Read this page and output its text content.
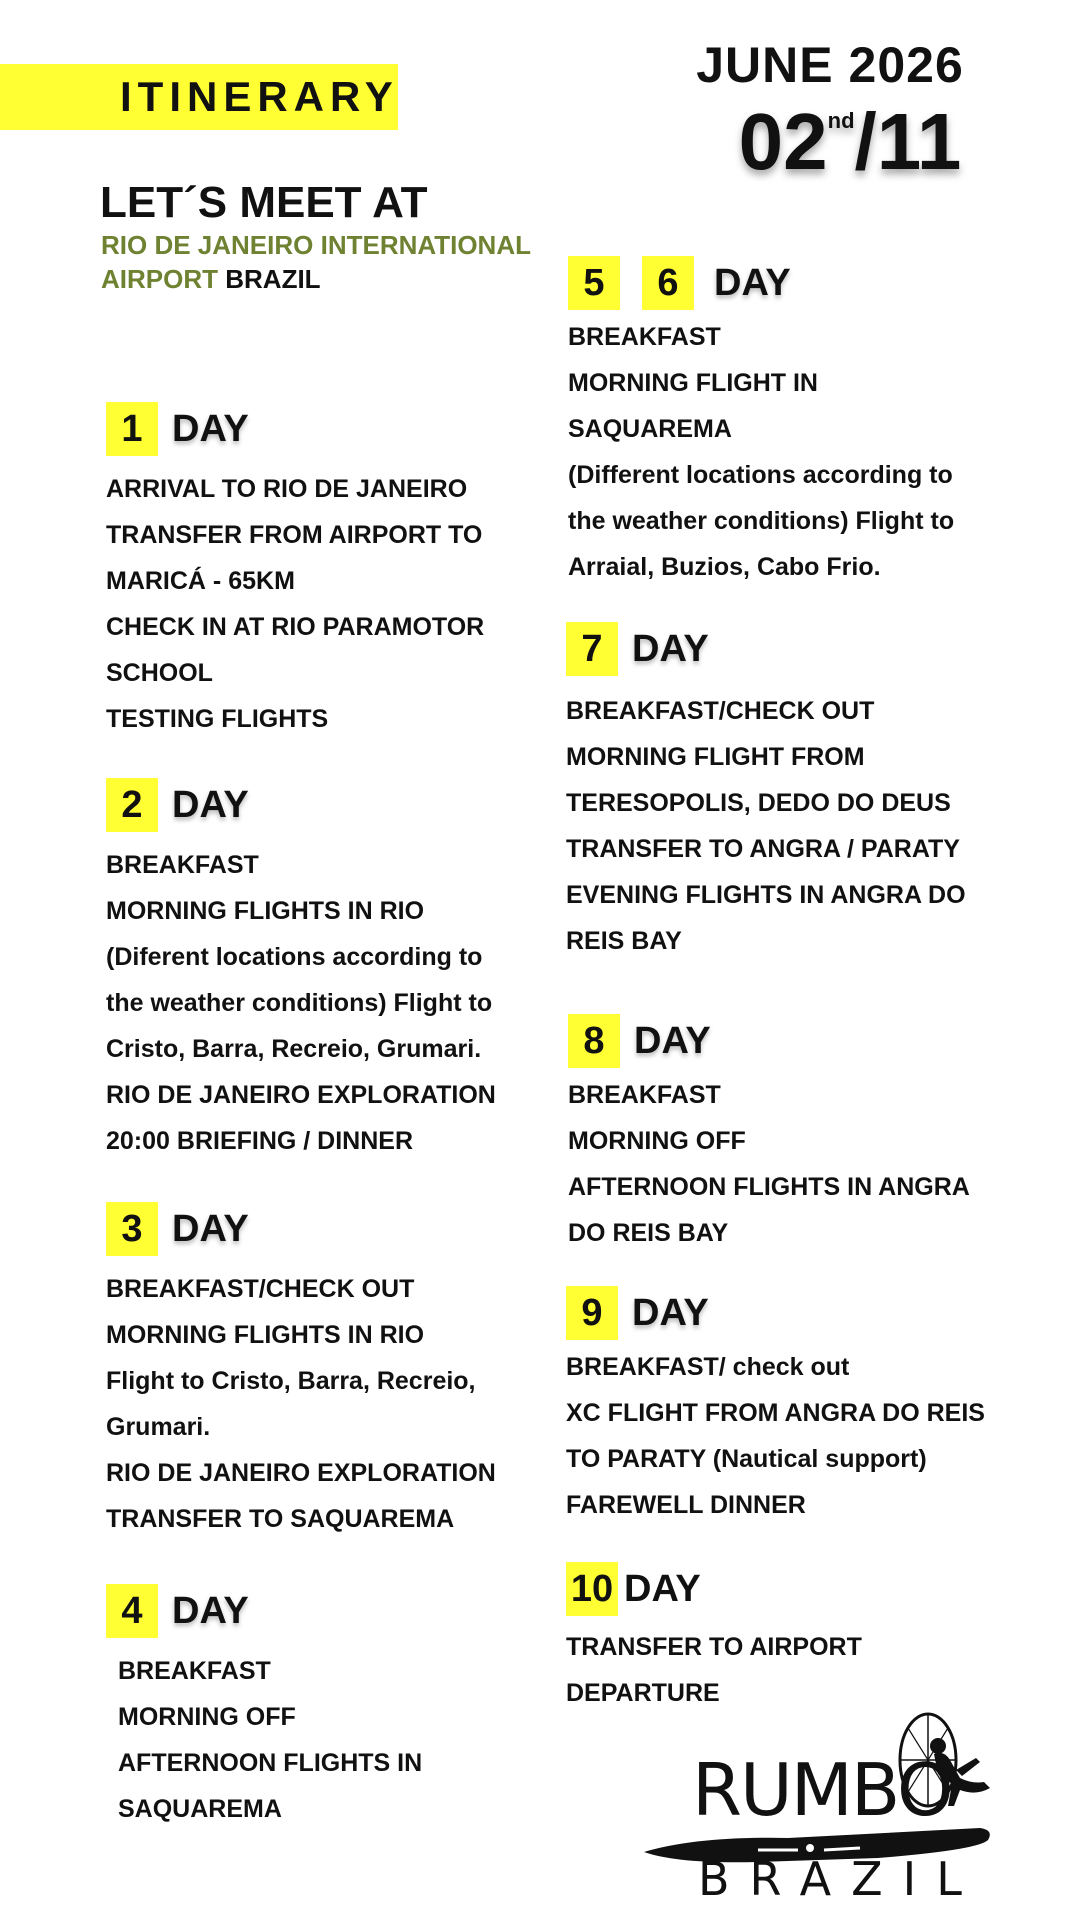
ITINERARY
JUNE 2026
02nd/11
LET´S MEET AT
RIO DE JANEIRO INTERNATIONAL
AIRPORT BRAZIL
1 DAY
ARRIVAL TO RIO DE JANEIRO
TRANSFER FROM AIRPORT TO
MARICÁ - 65KM
CHECK IN AT RIO PARAMOTOR
SCHOOL
TESTING FLIGHTS
2 DAY
BREAKFAST
MORNING FLIGHTS IN RIO
(Diferent locations according to
the weather conditions) Flight to
Cristo, Barra, Recreio, Grumari.
RIO DE JANEIRO EXPLORATION
20:00 BRIEFING / DINNER
3 DAY
BREAKFAST/CHECK OUT
MORNING FLIGHTS IN RIO
Flight to Cristo, Barra, Recreio,
Grumari.
RIO DE JANEIRO EXPLORATION
TRANSFER TO SAQUAREMA
4 DAY
BREAKFAST
MORNING OFF
AFTERNOON FLIGHTS IN
SAQUAREMA
5	6 DAY
BREAKFAST
MORNING FLIGHT IN
SAQUAREMA
(Different locations according to
the weather conditions) Flight to
Arraial, Buzios, Cabo Frio.
7 DAY
BREAKFAST/CHECK OUT
MORNING FLIGHT FROM
TERESOPOLIS, DEDO DO DEUS
TRANSFER TO ANGRA / PARATY
EVENING FLIGHTS IN ANGRA DO
REIS BAY
8 DAY
BREAKFAST
MORNING OFF
AFTERNOON FLIGHTS IN ANGRA
DO REIS BAY
9 DAY
BREAKFAST/ check out
XC FLIGHT FROM ANGRA DO REIS
TO PARATY (Nautical support)
FAREWELL DINNER
10 DAY
TRANSFER TO AIRPORT
DEPARTURE
RUMBO
BRAZIL
